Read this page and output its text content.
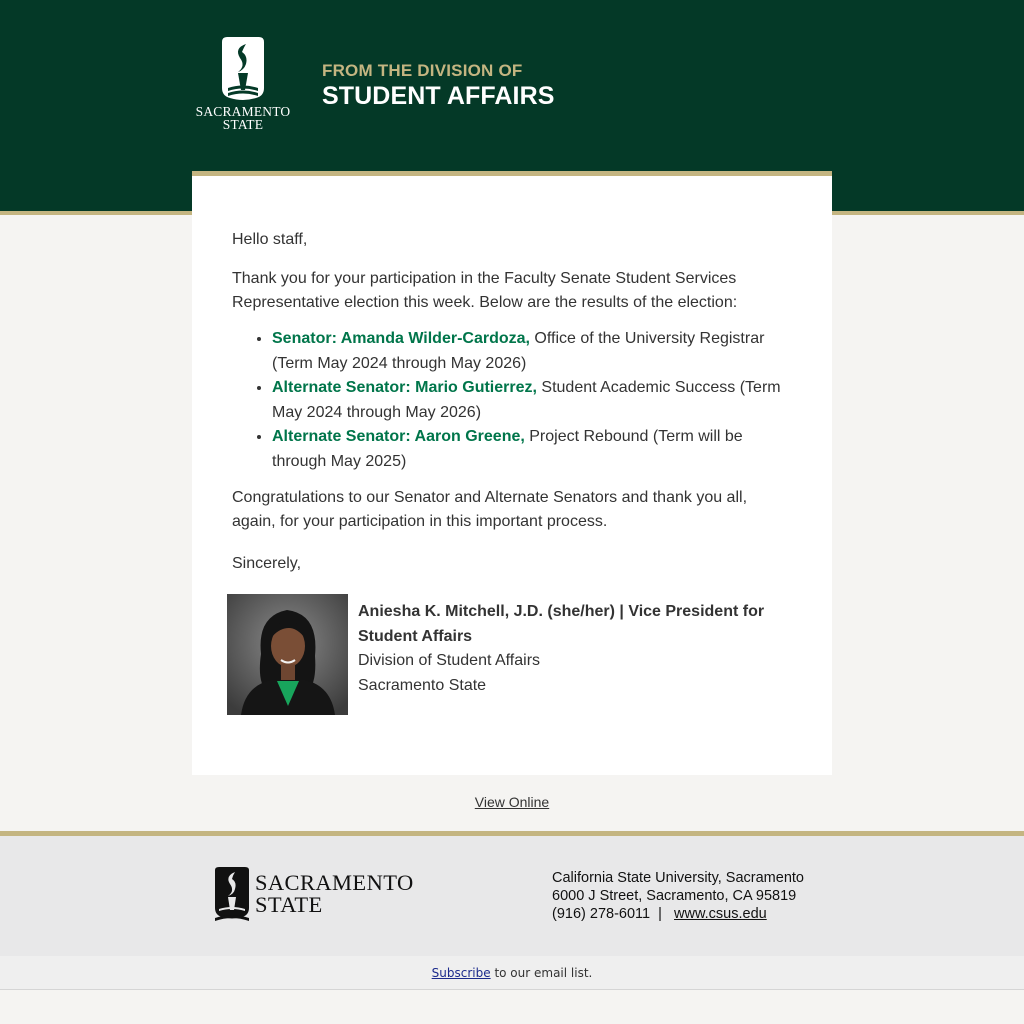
SACRAMENTO
STATE
FROM THE DIVISION OF
STUDENT AFFAIRS

Hello staff,

Thank you for your participation in the Faculty Senate Student Services Representative election this week. Below are the results of the election:

• Senator: Amanda Wilder-Cardoza, Office of the University Registrar (Term May 2024 through May 2026)
• Alternate Senator: Mario Gutierrez, Student Academic Success (Term May 2024 through May 2026)
• Alternate Senator: Aaron Greene, Project Rebound (Term will be through May 2025)

Congratulations to our Senator and Alternate Senators and thank you all, again, for your participation in this important process.

Sincerely,

Aniesha K. Mitchell, J.D. (she/her) | Vice President for Student Affairs
Division of Student Affairs
Sacramento State
View Online
SACRAMENTO
STATE
California State University, Sacramento
6000 J Street, Sacramento, CA 95819
(916) 278-6011 | www.csus.edu
Subscribe to our email list.
